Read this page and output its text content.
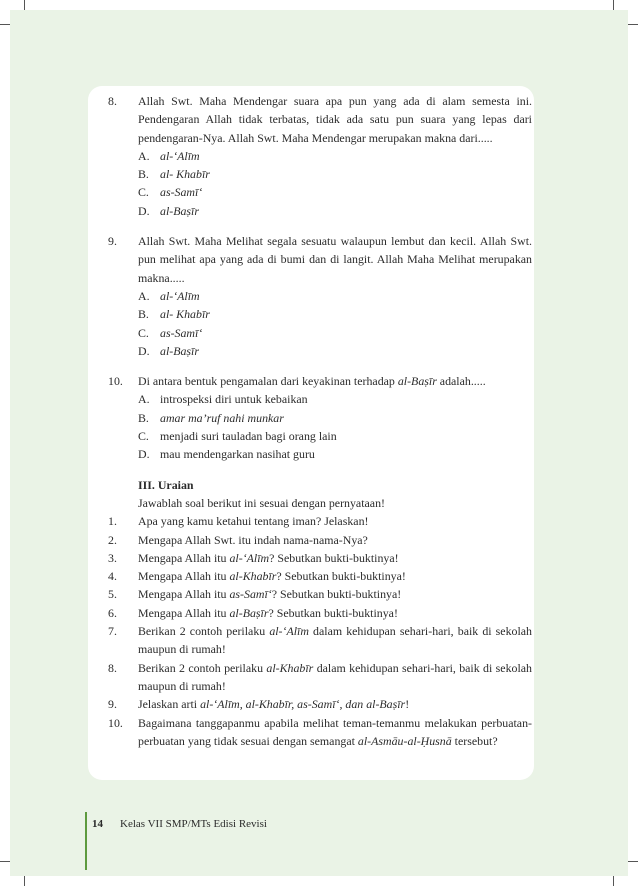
8.	Allah Swt. Maha Mendengar suara apa pun yang ada di alam semesta ini. Pendengaran Allah tidak terbatas, tidak ada satu pun suara yang lepas dari pendengaran-Nya. Allah Swt. Maha Mendengar merupakan makna dari.....
A. al-‘Alīm
B. al- Khabīr
C. as-Samī‘
D. al-Baṣīr
9.	Allah Swt. Maha Melihat segala sesuatu walaupun lembut dan kecil. Allah Swt. pun melihat apa yang ada di bumi dan di langit. Allah Maha Melihat merupakan makna.....
A. al-‘Alīm
B. al- Khabīr
C. as-Samī‘
D. al-Baṣīr
10.	Di antara bentuk pengamalan dari keyakinan terhadap al-Baṣīr adalah.....
A. introspeksi diri untuk kebaikan
B. amar ma’ruf nahi munkar
C. menjadi suri tauladan bagi orang lain
D. mau mendengarkan nasihat guru
III. Uraian
Jawablah soal berikut ini sesuai dengan pernyataan!
1.	Apa yang kamu ketahui tentang iman? Jelaskan!
2.	Mengapa Allah Swt. itu indah nama-nama-Nya?
3.	Mengapa Allah itu al-‘Alīm? Sebutkan bukti-buktinya!
4.	Mengapa Allah itu al-Khabīr? Sebutkan bukti-buktinya!
5.	Mengapa Allah itu as-Samī‘? Sebutkan bukti-buktinya!
6.	Mengapa Allah itu al-Baṣīr? Sebutkan bukti-buktinya!
7.	Berikan 2 contoh perilaku al-‘Alīm dalam kehidupan sehari-hari, baik di sekolah maupun di rumah!
8.	Berikan 2 contoh perilaku al-Khabīr dalam kehidupan sehari-hari, baik di sekolah maupun di rumah!
9.	Jelaskan arti al-‘Alīm, al-Khabīr, as-Samī‘, dan al-Baṣīr!
10.	Bagaimana tanggapanmu apabila melihat teman-temanmu melakukan perbuatan-perbuatan yang tidak sesuai dengan semangat al-Asmāu-al-Ḥusnā tersebut?
14 Kelas VII SMP/MTs Edisi Revisi
